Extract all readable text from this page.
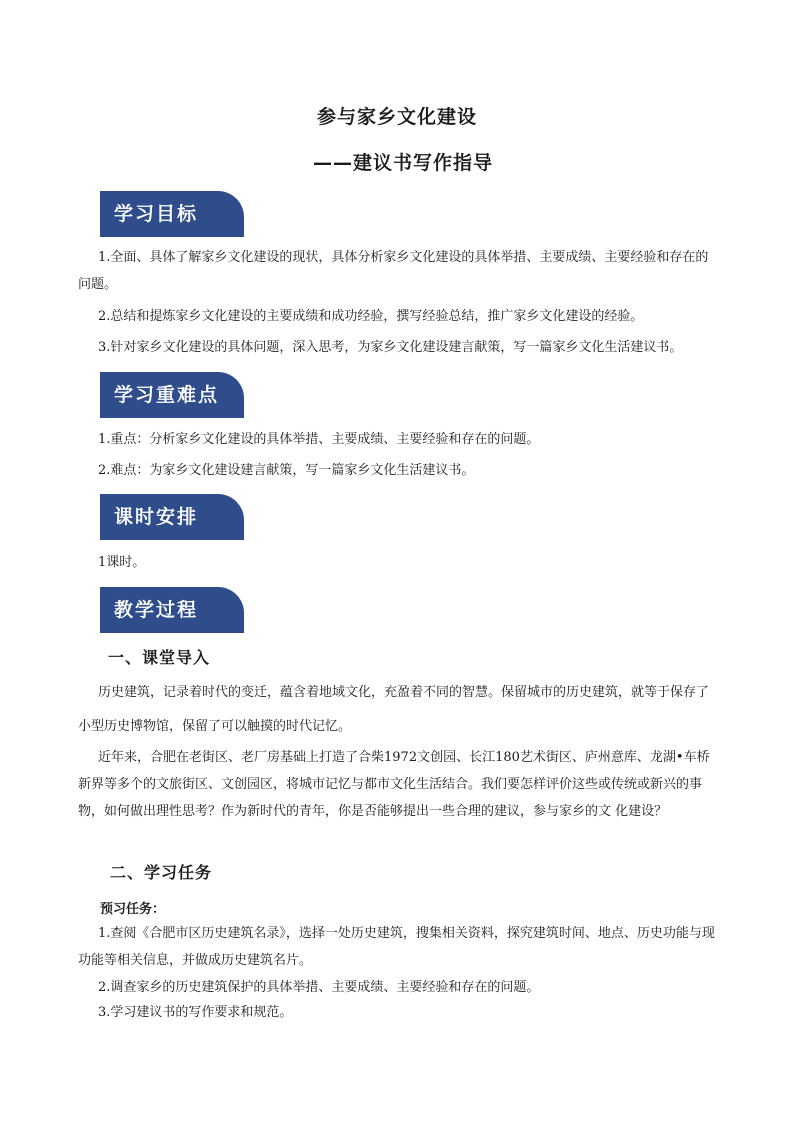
参与家乡文化建设
——建议书写作指导
学习目标

1.全面、具体了解家乡文化建设的现状，具体分析家乡文化建设的具体举措、主要成绩、主要经验和存在的问题。

2.总结和提炼家乡文化建设的主要成绩和成功经验，撰写经验总结，推广家乡文化建设的经验。

3.针对家乡文化建设的具体问题，深入思考，为家乡文化建设建言献策，写一篇家乡文化生活建议书。

学习重难点

1.重点：分析家乡文化建设的具体举措、主要成绩、主要经验和存在的问题。

2.难点：为家乡文化建设建言献策，写一篇家乡文化生活建议书。

课时安排

1课时。

教学过程
一、课堂导入

历史建筑，记录着时代的变迁，蕴含着地域文化，充盈着不同的智慧。保留城市的历史建筑，就等于保存了小型历史博物馆，保留了可以触摸的时代记忆。

近年来，合肥在老街区、老厂房基础上打造了合柴1972文创园、长江180艺术街区、庐州意库、龙湖•车桥新界等多个的文旅街区、文创园区，将城市记忆与都市文化生活结合。我们要怎样评价这些或传统或新兴的事物，如何做出理性思考？作为新时代的青年，你是否能够提出一些合理的建议，参与家乡的文 化建设？

二、学习任务
预习任务：

1.查阅《合肥市区历史建筑名录》，选择一处历史建筑，搜集相关资料，探究建筑时间、地点、历史功能与现功能等相关信息，并做成历史建筑名片。

2.调查家乡的历史建筑保护的具体举措、主要成绩、主要经验和存在的问题。

3.学习建议书的写作要求和规范。
